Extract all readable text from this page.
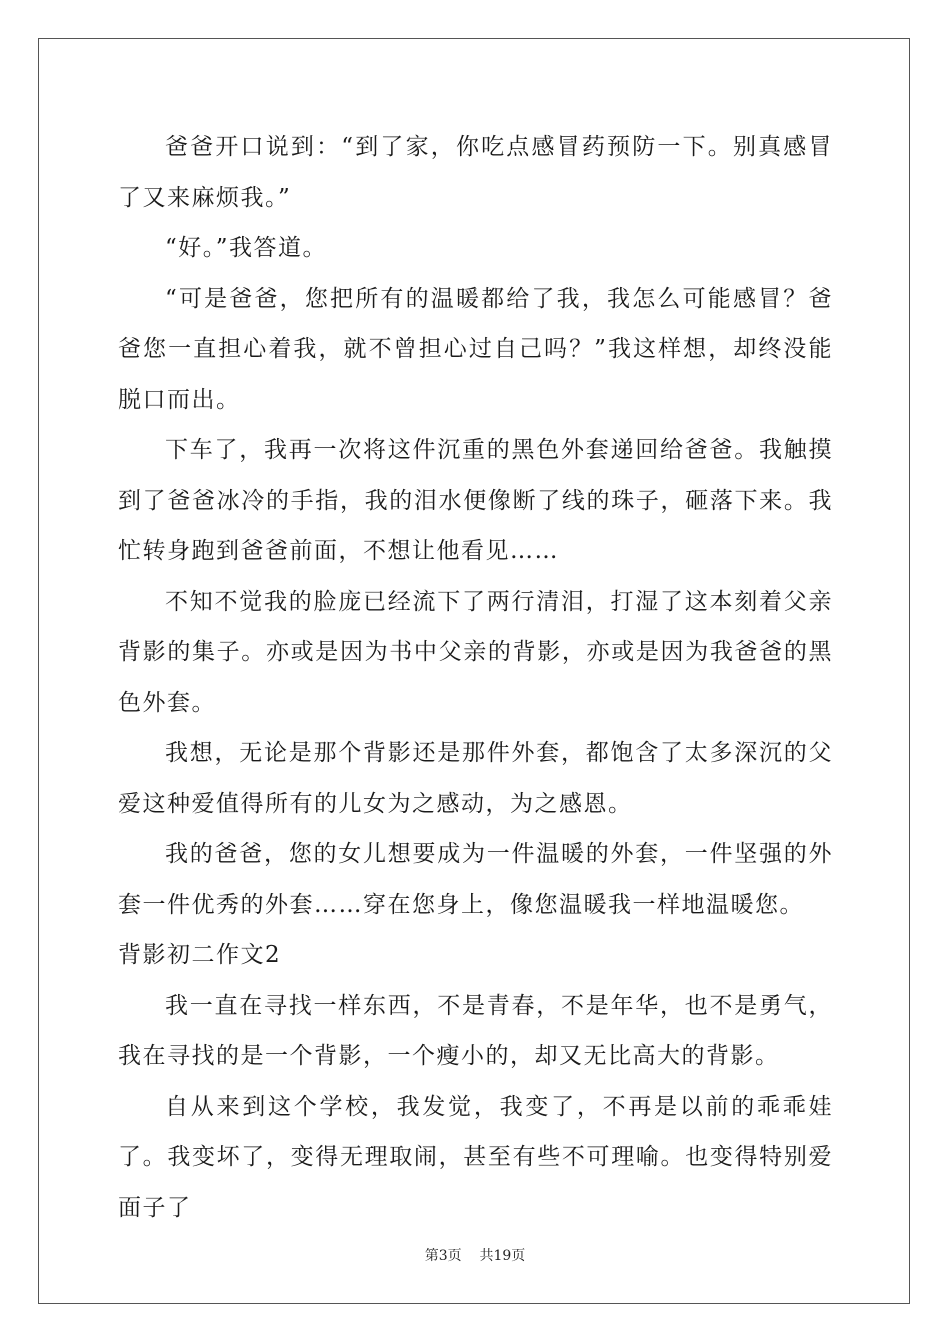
爸爸开口说到：“到了家，你吃点感冒药预防一下。别真感冒了又来麻烦我。”

“好。”我答道。

“可是爸爸，您把所有的温暖都给了我，我怎么可能感冒？爸爸您一直担心着我，就不曾担心过自己吗？”我这样想，却终没能脱口而出。

下车了，我再一次将这件沉重的黑色外套递回给爸爸。我触摸到了爸爸冰冷的手指，我的泪水便像断了线的珠子，砸落下来。我忙转身跑到爸爸前面，不想让他看见……

不知不觉我的脸庞已经流下了两行清泪，打湿了这本刻着父亲背影的集子。亦或是因为书中父亲的背影，亦或是因为我爸爸的黑色外套。

我想，无论是那个背影还是那件外套，都饱含了太多深沉的父爱这种爱值得所有的儿女为之感动，为之感恩。

我的爸爸，您的女儿想要成为一件温暖的外套，一件坚强的外套一件优秀的外套……穿在您身上，像您温暖我一样地温暖您。

背影初二作文2

我一直在寻找一样东西，不是青春，不是年华，也不是勇气，我在寻找的是一个背影，一个瘦小的，却又无比高大的背影。

自从来到这个学校，我发觉，我变了，不再是以前的乖乖娃了。我变坏了，变得无理取闹，甚至有些不可理喻。也变得特别爱面子了

第3页    共19页
